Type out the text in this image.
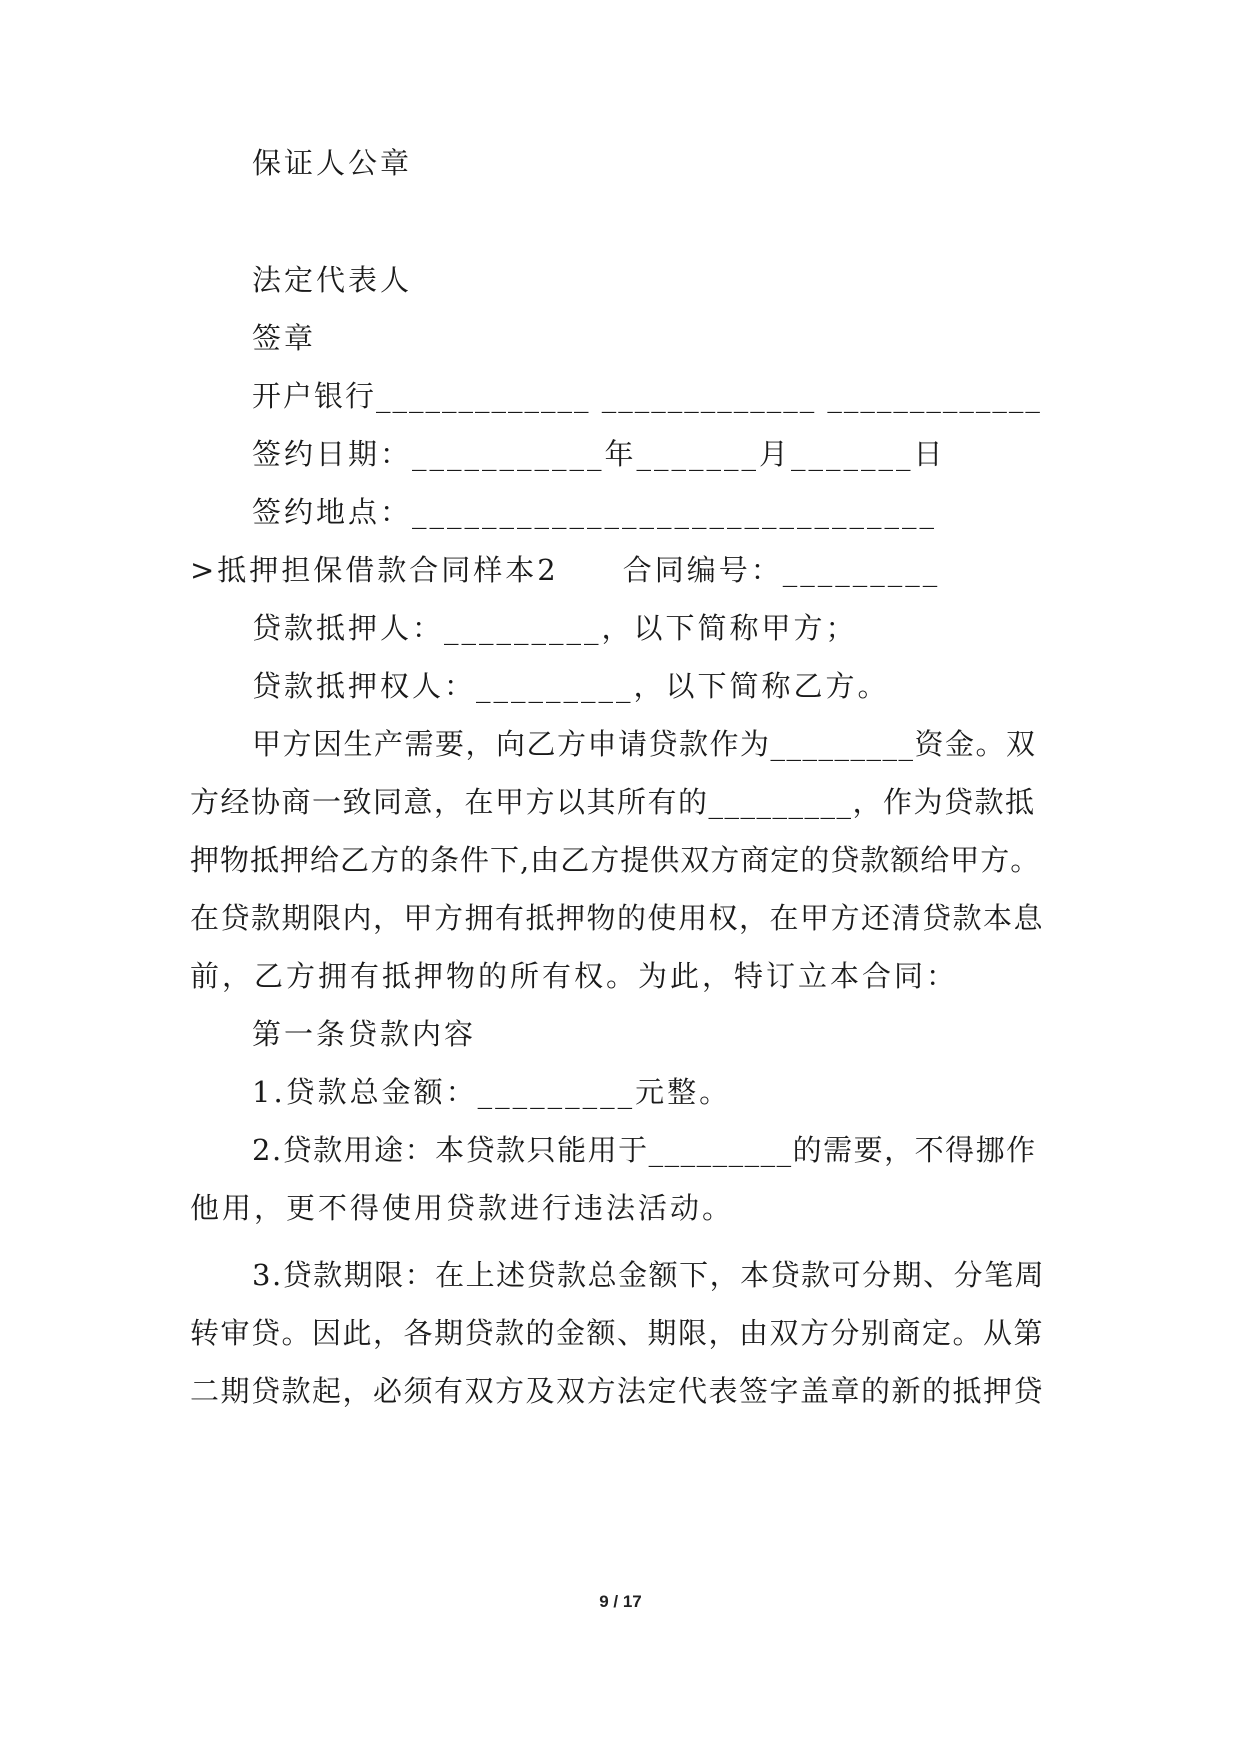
保证人公章
法定代表人
签章
开户银行_____________ _____________ _____________
签约日期：___________年_______月_______日
签约地点：______________________________
>抵押担保借款合同样本2　　合同编号：_________
贷款抵押人：_________，以下简称甲方；
贷款抵押权人：_________，以下简称乙方。
甲方因生产需要，向乙方申请贷款作为_________资金。双
方经协商一致同意，在甲方以其所有的_________，作为贷款抵
押物抵押给乙方的条件下,由乙方提供双方商定的贷款额给甲方。
在贷款期限内，甲方拥有抵押物的使用权，在甲方还清贷款本息
前，乙方拥有抵押物的所有权。为此，特订立本合同：
第一条贷款内容
1.贷款总金额：_________元整。
2.贷款用途：本贷款只能用于_________的需要，不得挪作
他用，更不得使用贷款进行违法活动。
3.贷款期限：在上述贷款总金额下，本贷款可分期、分笔周
转审贷。因此，各期贷款的金额、期限，由双方分别商定。从第
二期贷款起，必须有双方及双方法定代表签字盖章的新的抵押贷
9 / 17
